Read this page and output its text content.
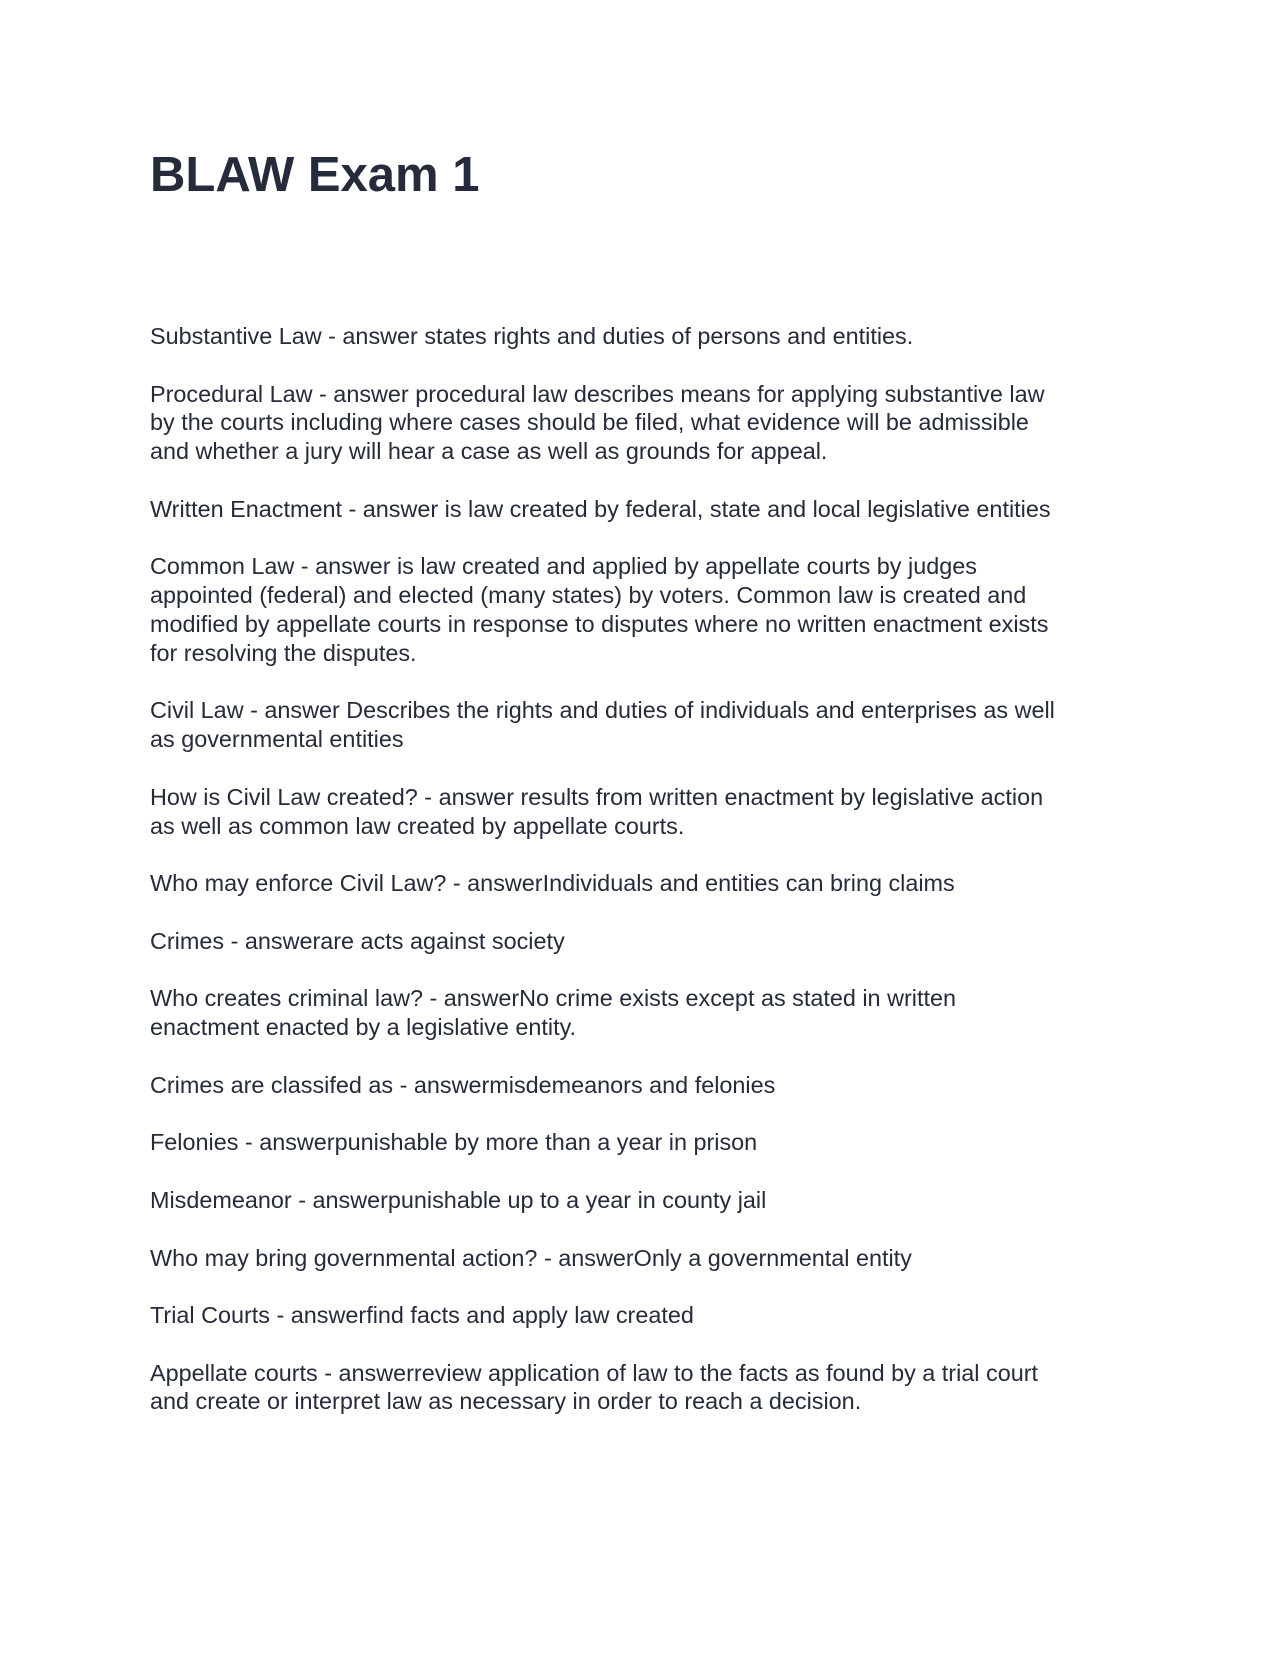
BLAW Exam 1

Substantive Law - answer states rights and duties of persons and entities.

Procedural Law - answer procedural law describes means for applying substantive law
by the courts including where cases should be filed, what evidence will be admissible
and whether a jury will hear a case as well as grounds for appeal.

Written Enactment - answer is law created by federal, state and local legislative entities

Common Law - answer is law created and applied by appellate courts by judges
appointed (federal) and elected (many states) by voters. Common law is created and
modified by appellate courts in response to disputes where no written enactment exists
for resolving the disputes.

Civil Law - answer Describes the rights and duties of individuals and enterprises as well
as governmental entities

How is Civil Law created? - answer results from written enactment by legislative action
as well as common law created by appellate courts.

Who may enforce Civil Law? - answerIndividuals and entities can bring claims

Crimes - answerare acts against society

Who creates criminal law? - answerNo crime exists except as stated in written
enactment enacted by a legislative entity.

Crimes are classifed as - answermisdemeanors and felonies

Felonies - answerpunishable by more than a year in prison

Misdemeanor - answerpunishable up to a year in county jail

Who may bring governmental action? - answerOnly a governmental entity

Trial Courts - answerfind facts and apply law created

Appellate courts - answerreview application of law to the facts as found by a trial court
and create or interpret law as necessary in order to reach a decision.
